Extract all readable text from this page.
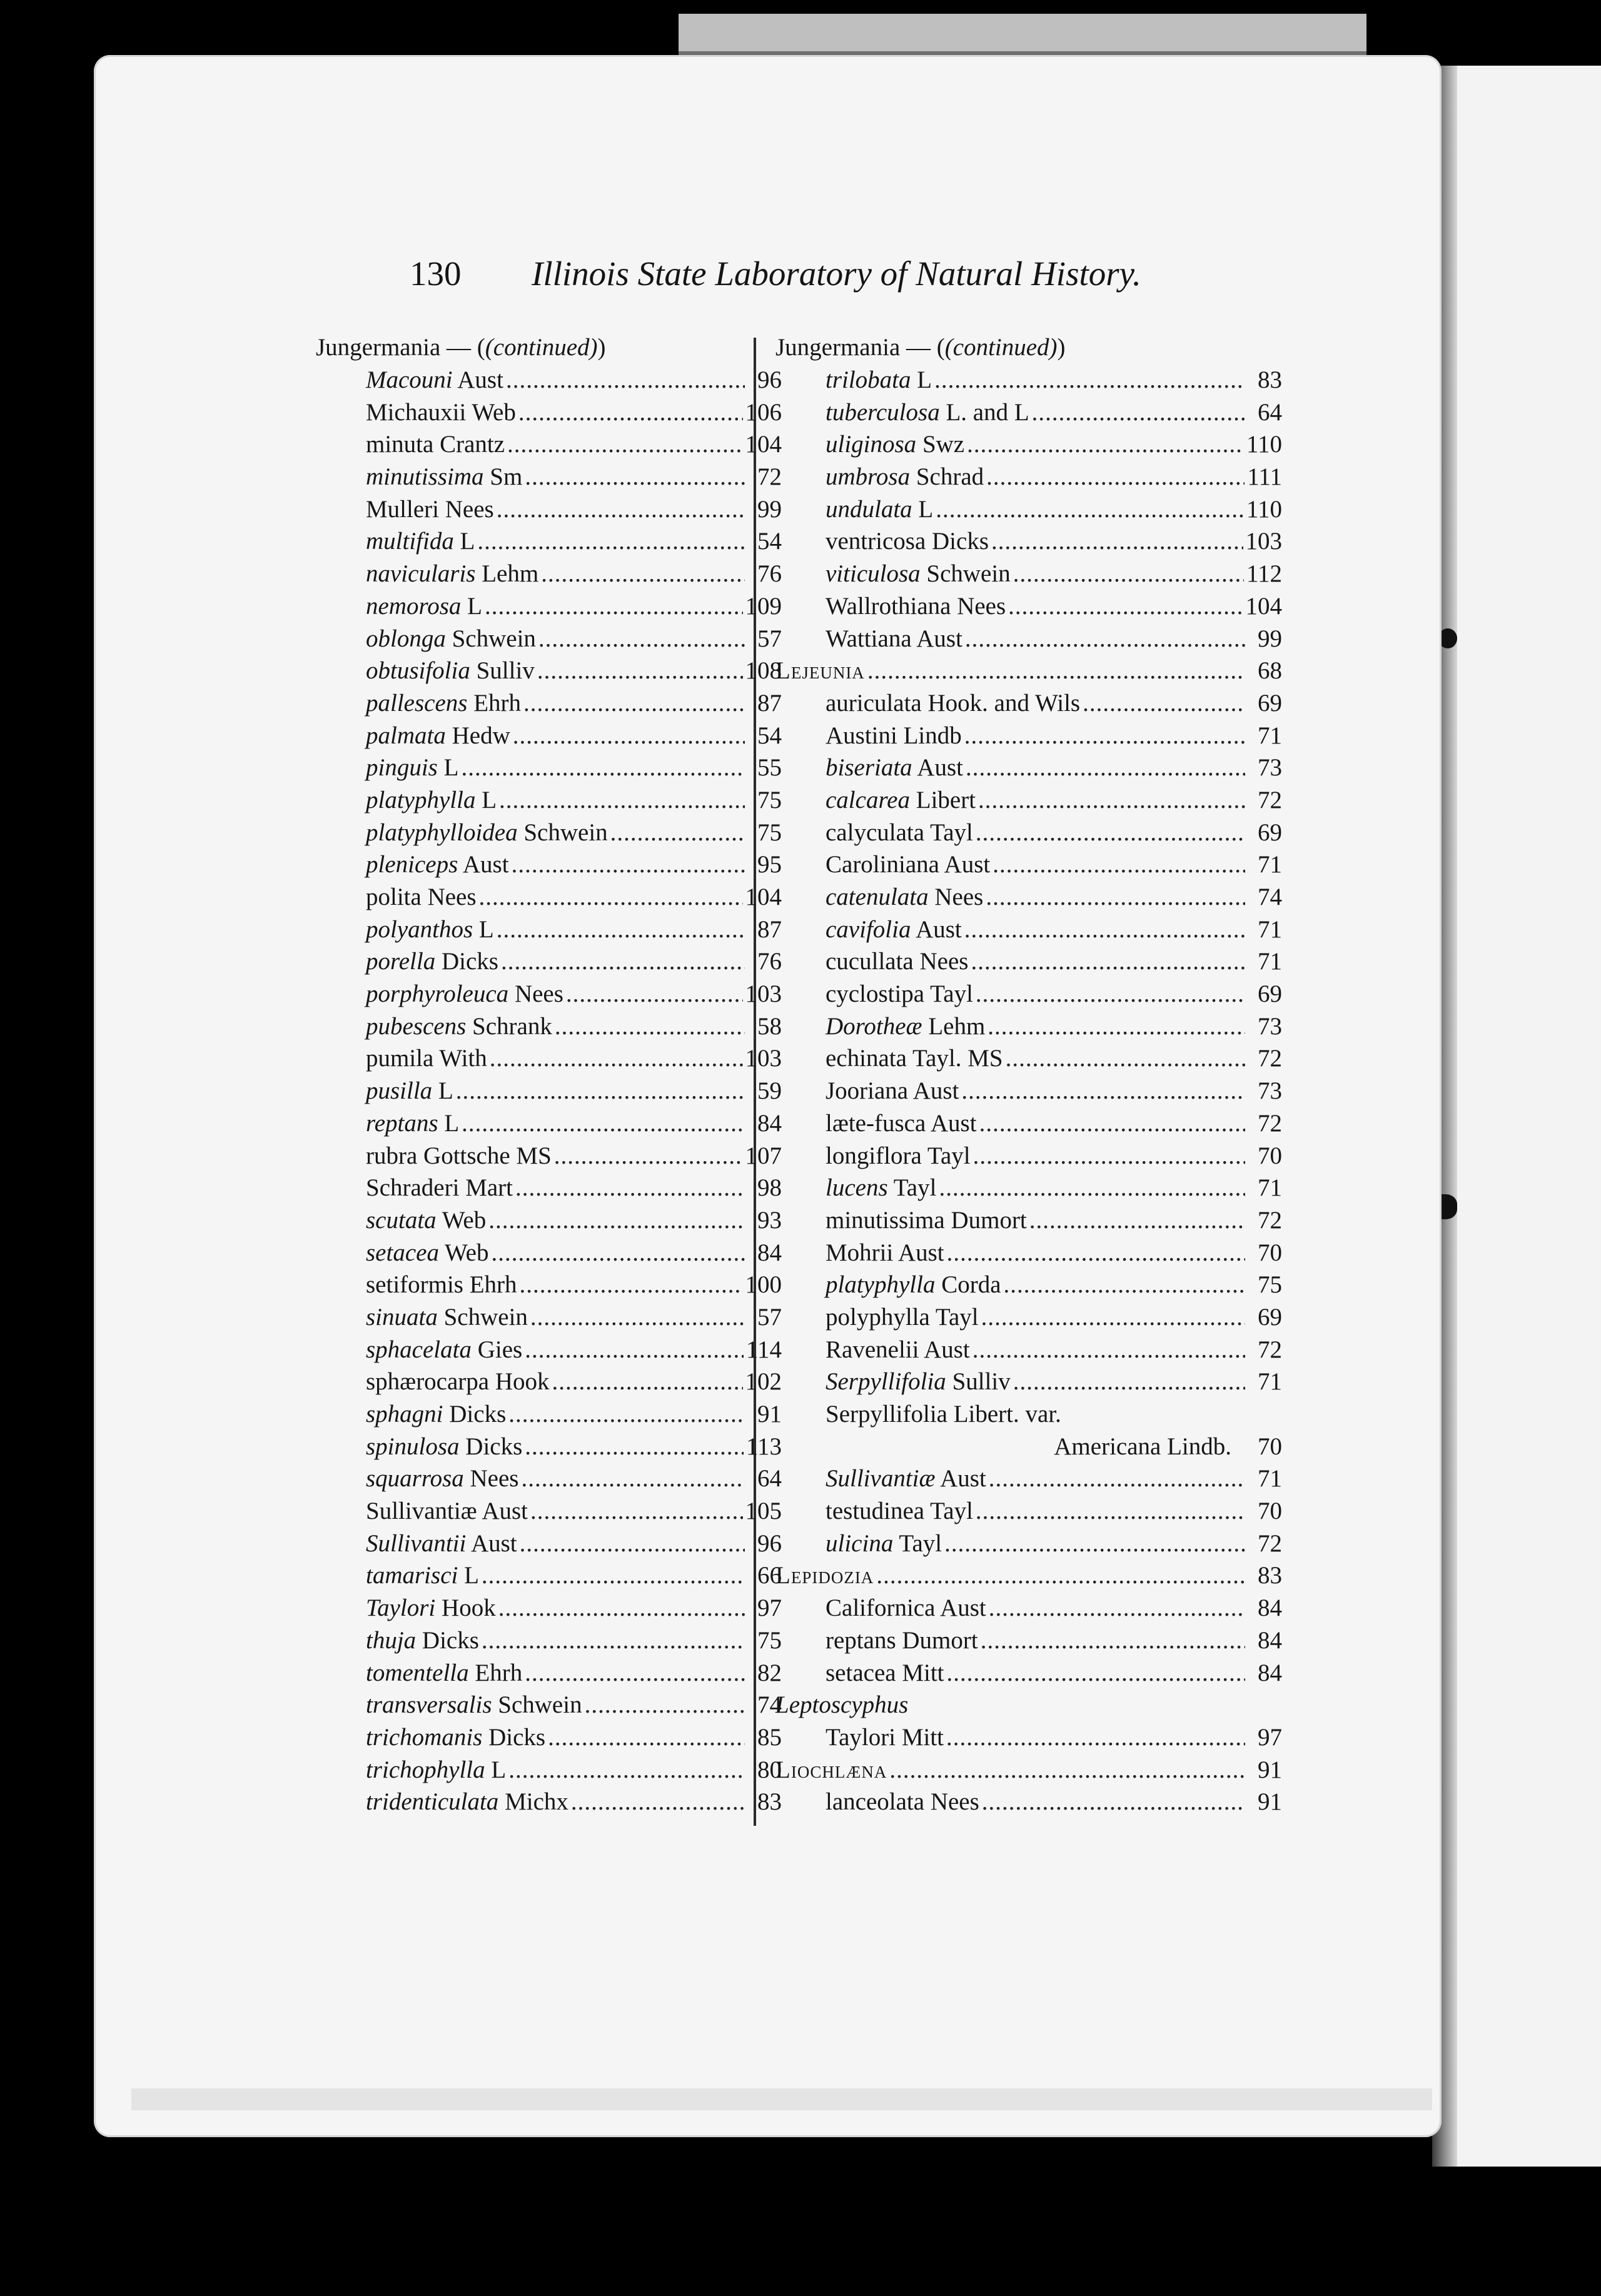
130 Illinois State Laboratory of Natural History.
Jungermania — ((continued))
Macouni Aust .....	96
Michauxii Web .....	106
minuta Crantz .....	104
minutissima Sm .....	72
Mulleri Nees .....	99
multifida L .....	54
navicularis Lehm .....	76
nemorosa L .....	109
oblonga Schwein .....	57
obtusifolia Sulliv .....	108
pallescens Ehrh .....	87
palmata Hedw .....	54
pinguis L .....	55
platyphylla L .....	75
platyphylloidea Schwein .....	75
pleniceps Aust .....	95
polita Nees .....	104
polyanthos L .....	87
porella Dicks .....	76
porphyroleuca Nees .....	103
pubescens Schrank .....	58
pumila With .....	103
pusilla L .....	59
reptans L .....	84
rubra Gottsche MS .....	107
Schraderi Mart .....	98
scutata Web .....	93
setacea Web .....	84
setiformis Ehrh .....	100
sinuata Schwein .....	57
sphacelata Gies .....	114
sphærocarpa Hook .....	102
sphagni Dicks .....	91
spinulosa Dicks .....	113
squarrosa Nees .....	64
Sullivantiæ Aust .....	105
Sullivantii Aust .....	96
tamarisci L .....	66
Taylori Hook .....	97
thuja Dicks .....	75
tomentella Ehrh .....	82
transversalis Schwein .....	74
trichomanis Dicks .....	85
trichophylla L .....	80
tridenticulata Michx .....	83
Jungermania — ((continued))
trilobata L .....	83
tuberculosa L. and L .....	64
uliginosa Swz .....	110
umbrosa Schrad .....	111
undulata L .....	110
ventricosa Dicks .....	103
viticulosa Schwein .....	112
Wallrothiana Nees .....	104
Wattiana Aust .....	99
Lejeunia .....	68
auriculata Hook. and Wils .....	69
Austini Lindb .....	71
biseriata Aust .....	73
calcarea Libert .....	72
calyculata Tayl .....	69
Caroliniana Aust .....	71
catenulata Nees .....	74
cavifolia Aust .....	71
cucullata Nees .....	71
cyclostipa Tayl .....	69
Dorotheæ Lehm .....	73
echinata Tayl. MS .....	72
Jooriana Aust .....	73
læte-fusca Aust .....	72
longiflora Tayl .....	70
lucens Tayl .....	71
minutissima Dumort .....	72
Mohrii Aust .....	70
platyphylla Corda .....	75
polyphylla Tayl .....	69
Ravenelii Aust .....	72
Serpyllifolia Sulliv .....	71
Serpyllifolia Libert. var.
Americana Lindb.	70
Sullivantiæ Aust .....	71
testudinea Tayl .....	70
ulicina Tayl .....	72
Lepidozia .....	83
Californica Aust .....	84
reptans Dumort .....	84
setacea Mitt .....	84
Leptoscyphus
Taylori Mitt .....	97
Liochlæna .....	91
lanceolata Nees .....	91
